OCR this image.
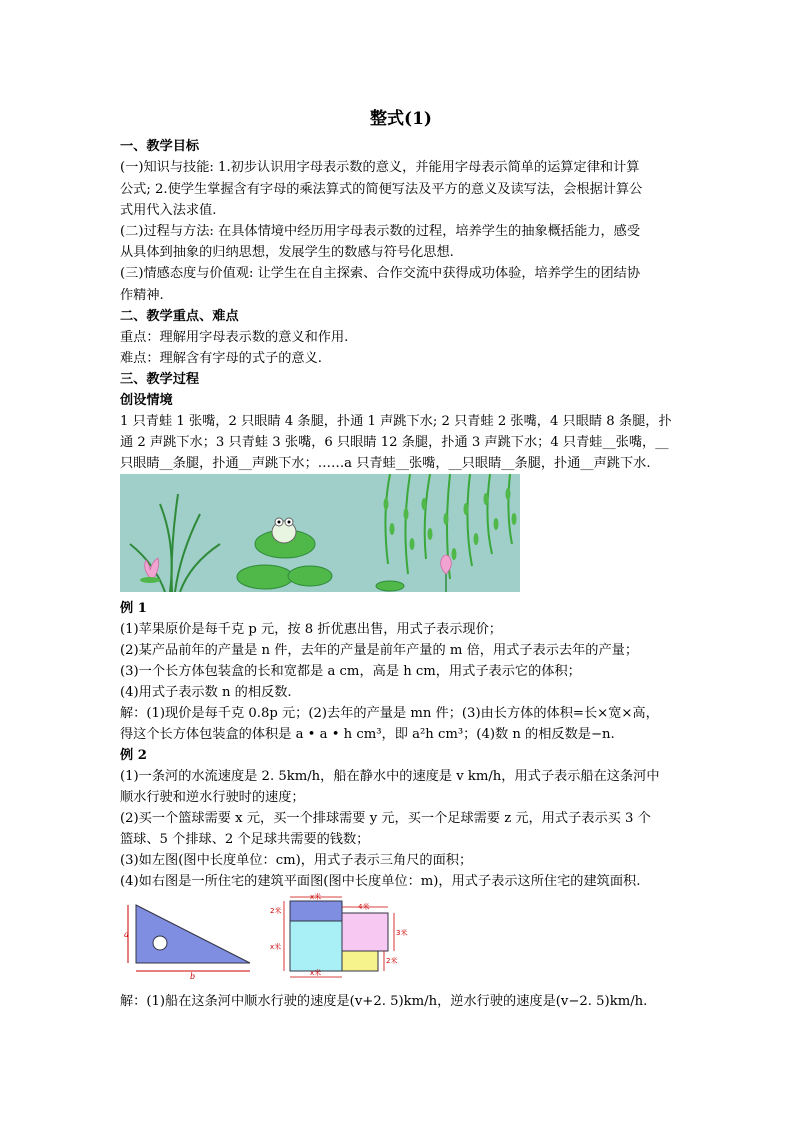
整式(1)
一、教学目标
(一)知识与技能: 1.初步认识用字母表示数的意义，并能用字母表示简单的运算定律和计算
公式; 2.使学生掌握含有字母的乘法算式的简便写法及平方的意义及读写法，会根据计算公
式用代入法求值.
(二)过程与方法: 在具体情境中经历用字母表示数的过程，培养学生的抽象概括能力，感受
从具体到抽象的归纳思想，发展学生的数感与符号化思想.
(三)情感态度与价值观: 让学生在自主探索、合作交流中获得成功体验，培养学生的团结协
作精神.
二、教学重点、难点
重点：理解用字母表示数的意义和作用.
难点：理解含有字母的式子的意义.
三、教学过程
创设情境
1 只青蛙 1 张嘴，2 只眼睛 4 条腿，扑通 1 声跳下水; 2 只青蛙 2 张嘴，4 只眼睛 8 条腿，扑
通 2 声跳下水；3 只青蛙 3 张嘴，6 只眼睛 12 条腿，扑通 3 声跳下水；4 只青蛙__张嘴，__
只眼睛__条腿，扑通__声跳下水；……a 只青蛙__张嘴，__只眼睛__条腿，扑通__声跳下水.
例 1
(1)苹果原价是每千克 p 元，按 8 折优惠出售，用式子表示现价；
(2)某产品前年的产量是 n 件，去年的产量是前年产量的 m 倍，用式子表示去年的产量；
(3)一个长方体包装盒的长和宽都是 a cm，高是 h cm，用式子表示它的体积；
(4)用式子表示数 n 的相反数.
解：(1)现价是每千克 0.8p 元；(2)去年的产量是 mn 件；(3)由长方体的体积=长×宽×高，
得这个长方体包装盒的体积是 a • a • h cm³，即 a²h cm³；(4)数 n 的相反数是−n.
例 2
(1)一条河的水流速度是 2. 5km/h，船在静水中的速度是 v km/h，用式子表示船在这条河中
顺水行驶和逆水行驶时的速度；
(2)买一个篮球需要 x 元，买一个排球需要 y 元，买一个足球需要 z 元，用式子表示买 3 个
篮球、5 个排球、2 个足球共需要的钱数；
(3)如左图(图中长度单位：cm)，用式子表示三角尺的面积；
(4)如右图是一所住宅的建筑平面图(图中长度单位：m)，用式子表示这所住宅的建筑面积.
a
b
x米
4米
2米
x米
3米
2米
x米
解：(1)船在这条河中顺水行驶的速度是(v+2. 5)km/h，逆水行驶的速度是(v−2. 5)km/h.
